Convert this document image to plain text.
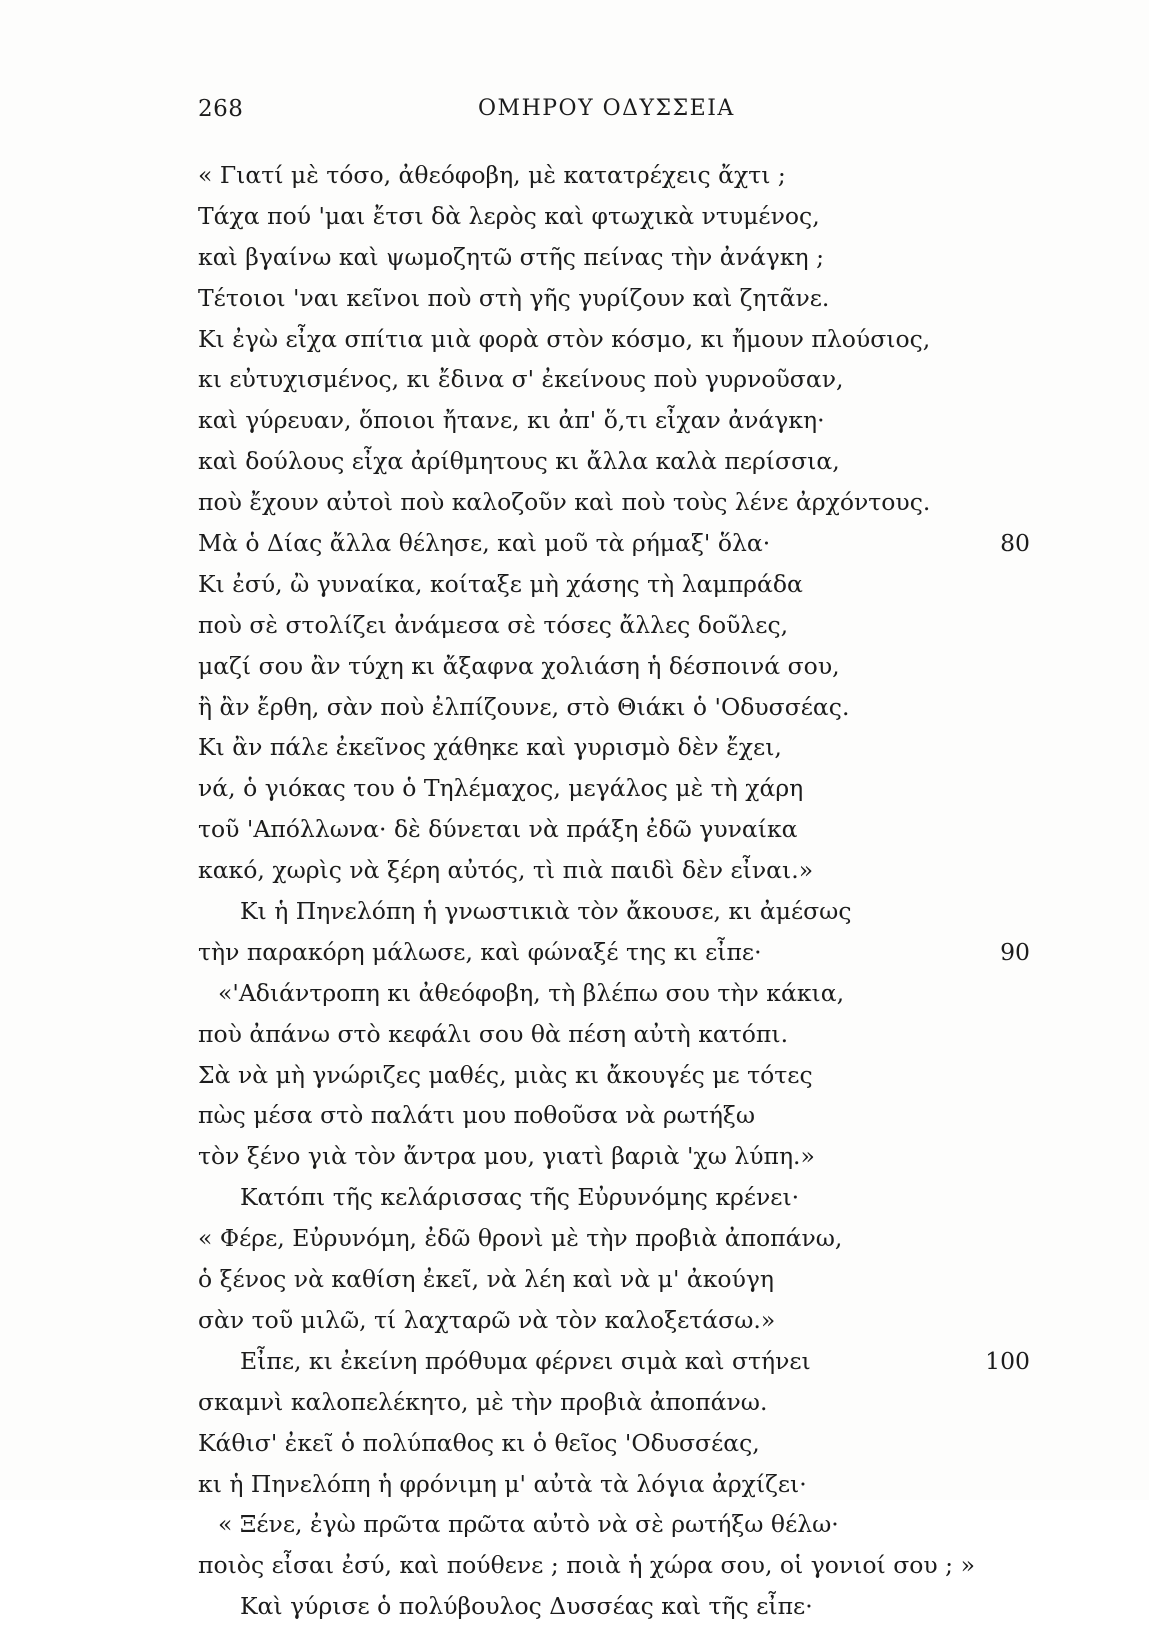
268	ΟΜΗΡΟΥ ΟΔΥΣΣΕΙΑ
« Γιατί μὲ τόσο, ἀθεόφοβη, μὲ κατατρέχεις ἄχτι ;
Τάχα πού 'μαι ἔτσι δὰ λερὸς καὶ φτωχικὰ ντυμένος,
καὶ βγαίνω καὶ ψωμοζητῶ στῆς πείνας τὴν ἀνάγκη ;
Τέτοιοι 'ναι κεῖνοι ποὺ στὴ γῆς γυρίζουν καὶ ζητᾶνε.
Κι ἐγὼ εἶχα σπίτια μιὰ φορὰ στὸν κόσμο, κι ἤμουν πλούσιος,
κι εὐτυχισμένος, κι ἔδινα σ' ἐκείνους ποὺ γυρνοῦσαν,
καὶ γύρευαν, ὅποιοι ἤτανε, κι ἀπ' ὅ,τι εἶχαν ἀνάγκη·
καὶ δούλους εἶχα ἀρίθμητους κι ἄλλα καλὰ περίσσια,
ποὺ ἔχουν αὐτοὶ ποὺ καλοζοῦν καὶ ποὺ τοὺς λένε ἀρχόντους.
Μὰ ὁ Δίας ἄλλα θέλησε, καὶ μοῦ τὰ ρήμαξ' ὅλα·	80
Κι ἐσύ, ὢ γυναίκα, κοίταξε μὴ χάσης τὴ λαμπράδα
ποὺ σὲ στολίζει ἀνάμεσα σὲ τόσες ἄλλες δοῦλες,
μαζί σου ἂν τύχη κι ἄξαφνα χολιάση ἡ δέσποινά σου,
ἢ ἂν ἔρθη, σὰν ποὺ ἐλπίζουνε, στὸ Θιάκι ὁ 'Οδυσσέας.
Κι ἂν πάλε ἐκεῖνος χάθηκε καὶ γυρισμὸ δὲν ἔχει,
νά, ὁ γιόκας του ὁ Τηλέμαχος, μεγάλος μὲ τὴ χάρη
τοῦ 'Απόλλωνα· δὲ δύνεται νὰ πράξη ἐδῶ γυναίκα
κακό, χωρὶς νὰ ξέρη αὐτός, τὶ πιὰ παιδὶ δὲν εἶναι.»
Κι ἡ Πηνελόπη ἡ γνωστικιὰ τὸν ἄκουσε, κι ἀμέσως
τὴν παρακόρη μάλωσε, καὶ φώναξέ της κι εἶπε·	90
«'Αδιάντροπη κι ἀθεόφοβη, τὴ βλέπω σου τὴν κάκια,
ποὺ ἀπάνω στὸ κεφάλι σου θὰ πέση αὐτὴ κατόπι.
Σὰ νὰ μὴ γνώριζες μαθές, μιὰς κι ἄκουγές με τότες
πὼς μέσα στὸ παλάτι μου ποθοῦσα νὰ ρωτήξω
τὸν ξένο γιὰ τὸν ἄντρα μου, γιατὶ βαριὰ 'χω λύπη.»
Κατόπι τῆς κελάρισσας τῆς Εὐρυνόμης κρένει·
« Φέρε, Εὐρυνόμη, ἐδῶ θρονὶ μὲ τὴν προβιὰ ἀποπάνω,
ὁ ξένος νὰ καθίση ἐκεῖ, νὰ λέη καὶ νὰ μ' ἀκούγη
σὰν τοῦ μιλῶ, τί λαχταρῶ νὰ τὸν καλοξετάσω.»
Εἶπε, κι ἐκείνη πρόθυμα φέρνει σιμὰ καὶ στήνει	100
σκαμνὶ καλοπελέκητο, μὲ τὴν προβιὰ ἀποπάνω.
Κάθισ' ἐκεῖ ὁ πολύπαθος κι ὁ θεῖος 'Οδυσσέας,
κι ἡ Πηνελόπη ἡ φρόνιμη μ' αὐτὰ τὰ λόγια ἀρχίζει·
« Ξένε, ἐγὼ πρῶτα πρῶτα αὐτὸ νὰ σὲ ρωτήξω θέλω·
ποιὸς εἶσαι ἐσύ, καὶ πούθενε ; ποιὰ ἡ χώρα σου, οἱ γονιοί σου ; »
Καὶ γύρισε ὁ πολύβουλος Δυσσέας καὶ τῆς εἶπε·
